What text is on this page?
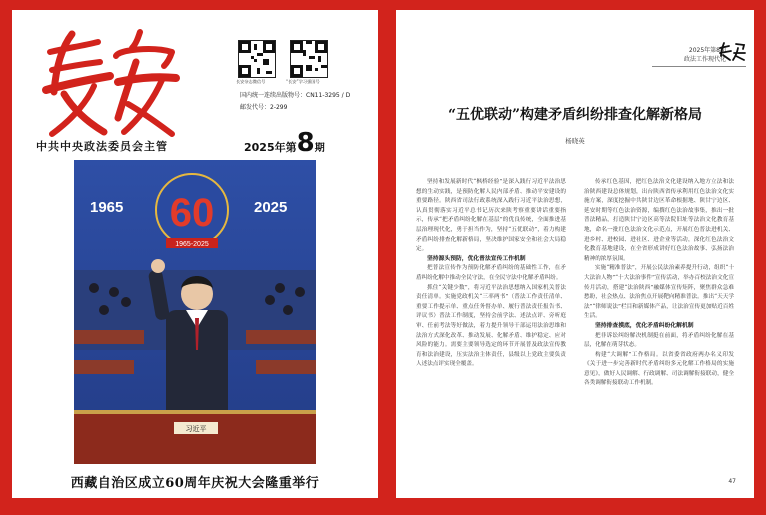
长安杂志微信号	“长安”学习强国号
国内统一连续出版物号：CN11-3295 / D
邮发代号：2-299
中共中央政法委员会主管	2025年第8期
1965	2025
60
1965-2025
习近平
西藏自治区成立60周年庆祝大会隆重举行
2025年第8期
政法工作现代化
“五优联动”构建矛盾纠纷排查化解新格局
杨晓英

坚持和发展新时代“枫桥经验”是深入践行习近平法治思想的生动实践，是预防化解人民内部矛盾、推动平安建设的重要路径。陕西省司法行政系统深入践行习近平法治思想，认真贯彻落实习近平总书记历次来陕考察重要讲话重要指示，传承“把矛盾纠纷化解在基层”的优良传统，全面推进基层治理现代化，勇于担当作为，坚持“五优联动”，着力构建矛盾纠纷排查化解新格局，坚决维护国家安全和社会大局稳定。

坚持源头预防，优化普法宣传工作机制

把普法宣传作为预防化解矛盾纠纷的基础性工作，在矛盾纠纷化解中推动全民守法，在全民守法中化解矛盾纠纷。

抓住“关键少数”，将习近平法治思想纳入国家机关普法责任清单。实施党政机关“三率两书”（普法工作责任清单、重要工作提示单、重点任务督办单、履行普法责任报告书、评议书）普法工作制度，坚持会前学法、述法点评、旁听庭审、任前考法等好做法，着力提升领导干部运用法治思维和法治方式深化改革、推动发展、化解矛盾、维护稳定、应对风险的能力。需要主要领导选定的环节开展普及政法宣传教育和法治建设，压实法治主体责任，县级以上党政主要负责人述法点评实现全覆盖。

传承红色基因，把红色法治文化建设纳入地方立法和法治陕西建设总体规划，出台陕西省传承利用红色法治文化实施方案，深度挖掘中共陕甘边区革命根据地、陕甘宁边区、延安时期等红色法治资源，编撰红色法治故事集，推出一批普法精品，打造陕甘宁边区高等法院旧址等法治文化教育基地，命名一批红色法治文化示范点，开展红色普法进机关、进乡村、进校园、进社区、进企业等活动，深化红色法治文化教育基地建设，在全省形成讲好红色法治故事、弘扬法治精神的浓厚氛围。

实施“精准普法”，开展公民法治素养提升行动，组织“十大法治人物”“十大法治事件”宣传活动，举办百校法治文化宣传月活动，搭建“法治陕西”融媒体宣传矩阵，聚焦群众急难愁盼，社会热点、法治焦点开展靶向精准普法。推出“天天学法”“律师说法”栏目和新媒体产品，让法治宣传更加贴近百姓生活。

坚持排查摸底，优化矛盾纠纷化解机制

把非诉讼纠纷解决机制挺在前面，将矛盾纠纷化解在基层，化解在萌芽状态。

构建“大调解”工作格局。以省委省政府两办名义印发《关于进一步完善新时代矛盾纠纷多元化解工作格局的实施意见》，做好人民调解、行政调解、司法调解衔接联动，健全各类调解衔接联动工作机制。

47
